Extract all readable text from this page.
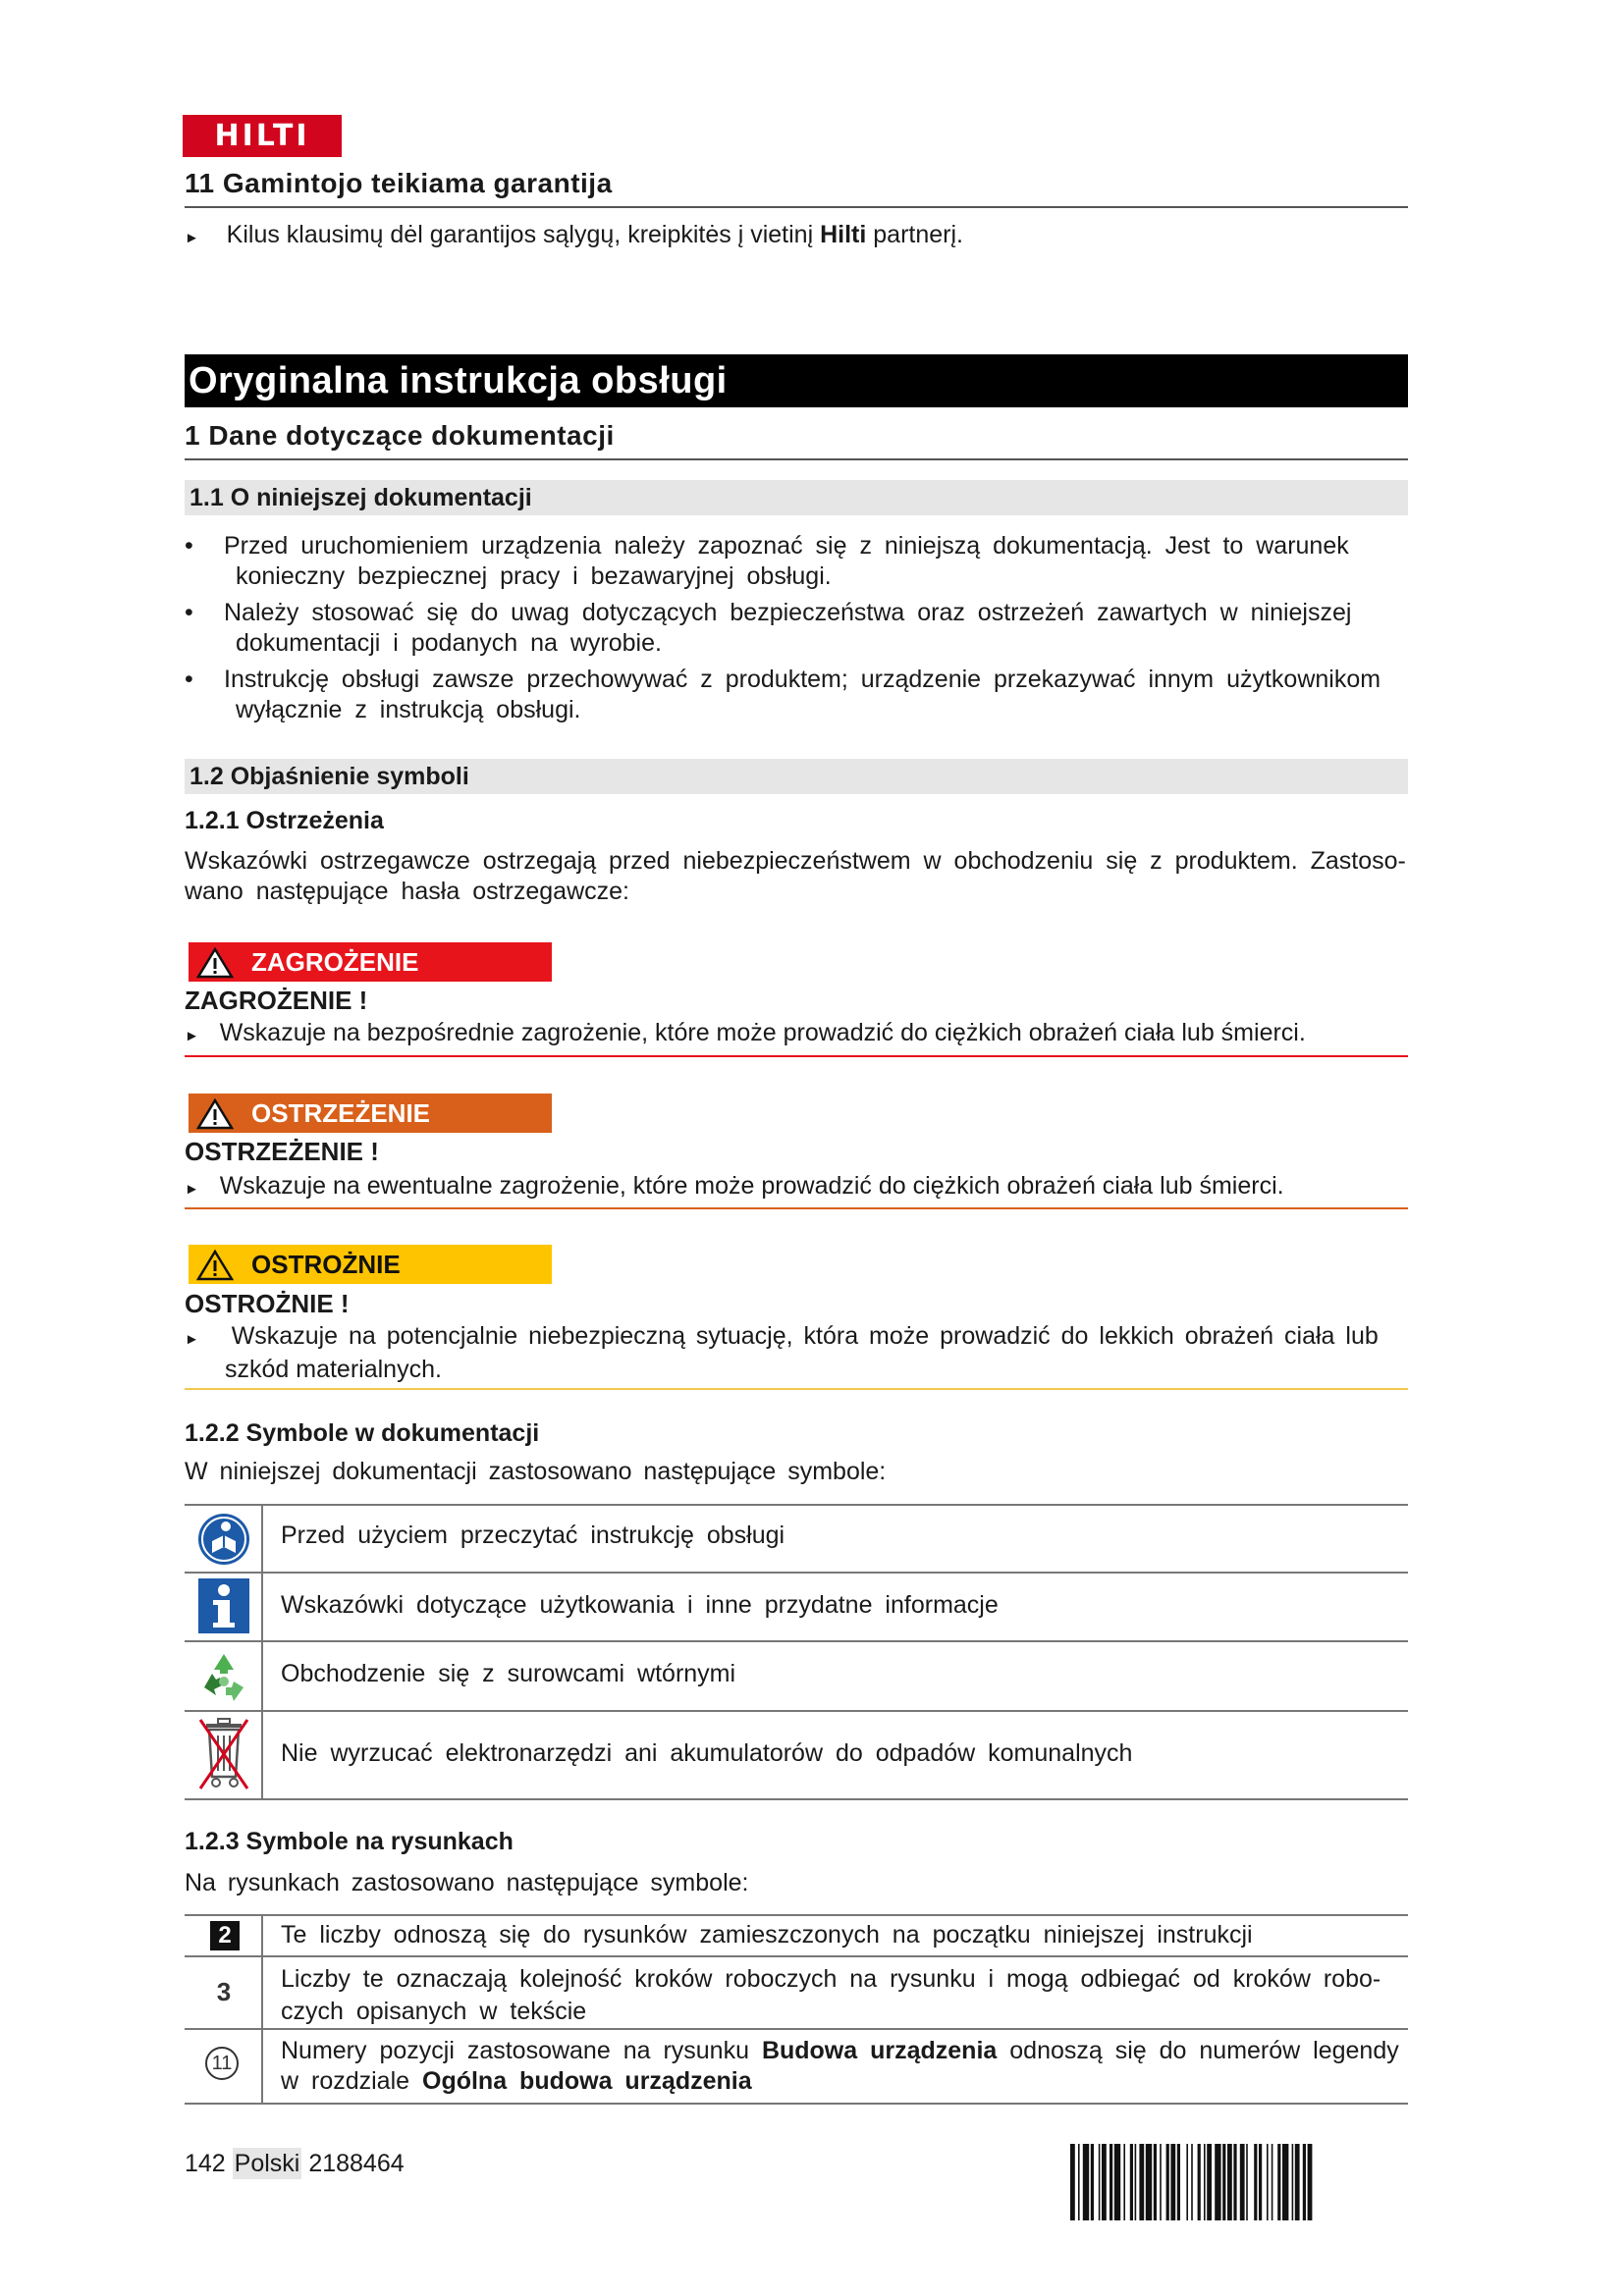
HILTI
11 Gamintojo teikiama garantija
► Kilus klausimų dėl garantijos sąlygų, kreipkitės į vietinį Hilti partnerį.
Oryginalna instrukcja obsługi
1 Dane dotyczące dokumentacji
1.1 O niniejszej dokumentacji
• Przed uruchomieniem urządzenia należy zapoznać się z niniejszą dokumentacją. Jest to warunek
konieczny bezpiecznej pracy i bezawaryjnej obsługi.
• Należy stosować się do uwag dotyczących bezpieczeństwa oraz ostrzeżeń zawartych w niniejszej
dokumentacji i podanych na wyrobie.
• Instrukcję obsługi zawsze przechowywać z produktem; urządzenie przekazywać innym użytkownikom
wyłącznie z instrukcją obsługi.
1.2 Objaśnienie symboli
1.2.1 Ostrzeżenia
Wskazówki ostrzegawcze ostrzegają przed niebezpieczeństwem w obchodzeniu się z produktem. Zastoso-
wano następujące hasła ostrzegawcze:
ZAGROŻENIE
ZAGROŻENIE !
► Wskazuje na bezpośrednie zagrożenie, które może prowadzić do ciężkich obrażeń ciała lub śmierci.
OSTRZEŻENIE
OSTRZEŻENIE !
► Wskazuje na ewentualne zagrożenie, które może prowadzić do ciężkich obrażeń ciała lub śmierci.
OSTROŻNIE
OSTROŻNIE !
► Wskazuje na potencjalnie niebezpieczną sytuację, która może prowadzić do lekkich obrażeń ciała lub
szkód materialnych.
1.2.2 Symbole w dokumentacji
W niniejszej dokumentacji zastosowano następujące symbole:
Przed użyciem przeczytać instrukcję obsługi
Wskazówki dotyczące użytkowania i inne przydatne informacje
Obchodzenie się z surowcami wtórnymi
Nie wyrzucać elektronarzędzi ani akumulatorów do odpadów komunalnych
1.2.3 Symbole na rysunkach
Na rysunkach zastosowano następujące symbole:
2	Te liczby odnoszą się do rysunków zamieszczonych na początku niniejszej instrukcji
3	Liczby te oznaczają kolejność kroków roboczych na rysunku i mogą odbiegać od kroków robo-
czych opisanych w tekście
11 Numery pozycji zastosowane na rysunku Budowa urządzenia odnoszą się do numerów legendy
w rozdziale Ogólna budowa urządzenia
142 Polski 2188464
